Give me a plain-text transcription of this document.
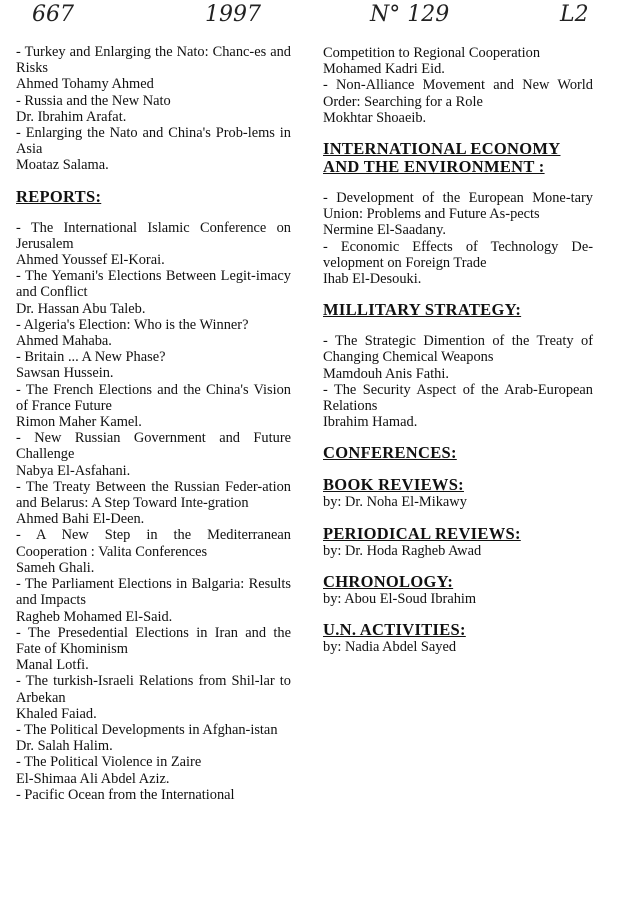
667	1997	N° 129	L2
- Turkey and Enlarging the Nato: Chanc-es and Risks
Ahmed Tohamy Ahmed
- Russia and the New Nato
Dr. Ibrahim Arafat.
- Enlarging the Nato and China's Prob-lems in Asia
Moataz Salama.
REPORTS:
- The International Islamic Conference on Jerusalem
Ahmed Youssef El-Korai.
- The Yemani's Elections Between Legit-imacy and Conflict
Dr. Hassan Abu Taleb.
- Algeria's Election: Who is the Winner?
Ahmed Mahaba.
- Britain ... A New Phase?
Sawsan Hussein.
- The French Elections and the China's Vision of France Future
Rimon Maher Kamel.
- New Russian Government and Future Challenge
Nabya El-Asfahani.
- The Treaty Between the Russian Feder-ation and Belarus: A Step Toward Inte-gration
Ahmed Bahi El-Deen.
- A New Step in the Mediterranean Cooperation : Valita Conferences
Sameh Ghali.
- The Parliament Elections in Balgaria: Results and Impacts
Ragheb Mohamed El-Said.
- The Presedential Elections in Iran and the Fate of Khominism
Manal Lotfi.
- The turkish-Israeli Relations from Shil-lar to Arbekan
Khaled Faiad.
- The Political Developments in Afghan-istan
Dr. Salah Halim.
- The Political Violence in Zaire
El-Shimaa Ali Abdel Aziz.
- Pacific Ocean from the International
Competition to Regional Cooperation
Mohamed Kadri Eid.
- Non-Alliance Movement and New World Order: Searching for a Role
Mokhtar Shoaeib.
INTERNATIONAL ECONOMY AND THE ENVIRONMENT :
- Development of the European Mone-tary Union: Problems and Future As-pects
Nermine El-Saadany.
- Economic Effects of Technology De-velopment on Foreign Trade
Ihab El-Desouki.
MILLITARY STRATEGY:
- The Strategic Dimention of the Treaty of Changing Chemical Weapons
Mamdouh Anis Fathi.
- The Security Aspect of the Arab-European Relations
Ibrahim Hamad.
CONFERENCES:
BOOK REVIEWS:
by: Dr. Noha El-Mikawy
PERIODICAL REVIEWS:
by: Dr. Hoda Ragheb Awad
CHRONOLOGY:
by: Abou El-Soud Ibrahim
U.N. ACTIVITIES:
by: Nadia Abdel Sayed
